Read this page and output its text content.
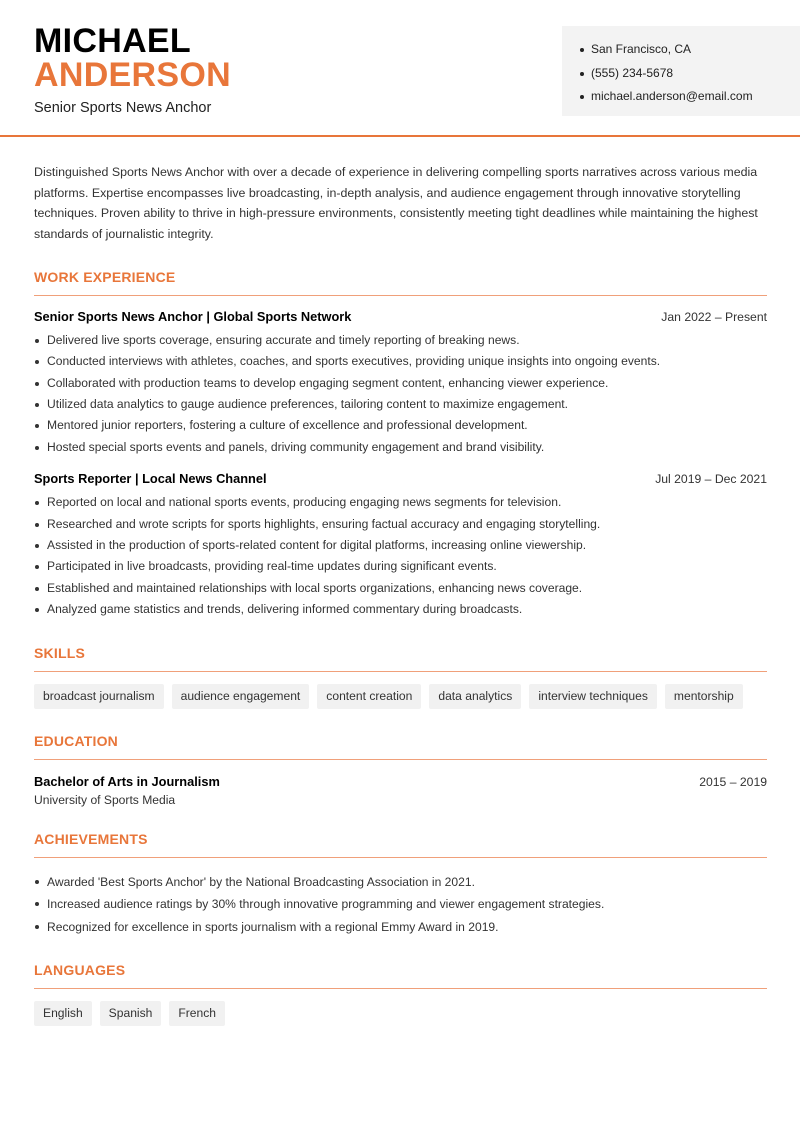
MICHAEL
ANDERSON
Senior Sports News Anchor
San Francisco, CA
(555) 234-5678
michael.anderson@email.com

Distinguished Sports News Anchor with over a decade of experience in delivering compelling sports narratives across various media platforms. Expertise encompasses live broadcasting, in-depth analysis, and audience engagement through innovative storytelling techniques. Proven ability to thrive in high-pressure environments, consistently meeting tight deadlines while maintaining the highest standards of journalistic integrity.

WORK EXPERIENCE
Senior Sports News Anchor | Global Sports Network	Jan 2022 – Present
Delivered live sports coverage, ensuring accurate and timely reporting of breaking news.
Conducted interviews with athletes, coaches, and sports executives, providing unique insights into ongoing events.
Collaborated with production teams to develop engaging segment content, enhancing viewer experience.
Utilized data analytics to gauge audience preferences, tailoring content to maximize engagement.
Mentored junior reporters, fostering a culture of excellence and professional development.
Hosted special sports events and panels, driving community engagement and brand visibility.
Sports Reporter | Local News Channel	Jul 2019 – Dec 2021
Reported on local and national sports events, producing engaging news segments for television.
Researched and wrote scripts for sports highlights, ensuring factual accuracy and engaging storytelling.
Assisted in the production of sports-related content for digital platforms, increasing online viewership.
Participated in live broadcasts, providing real-time updates during significant events.
Established and maintained relationships with local sports organizations, enhancing news coverage.
Analyzed game statistics and trends, delivering informed commentary during broadcasts.
SKILLS
broadcast journalism	audience engagement	content creation	data analytics	interview techniques	mentorship
EDUCATION
Bachelor of Arts in Journalism	2015 – 2019
University of Sports Media
ACHIEVEMENTS
Awarded 'Best Sports Anchor' by the National Broadcasting Association in 2021.
Increased audience ratings by 30% through innovative programming and viewer engagement strategies.
Recognized for excellence in sports journalism with a regional Emmy Award in 2019.
LANGUAGES
English	Spanish	French
